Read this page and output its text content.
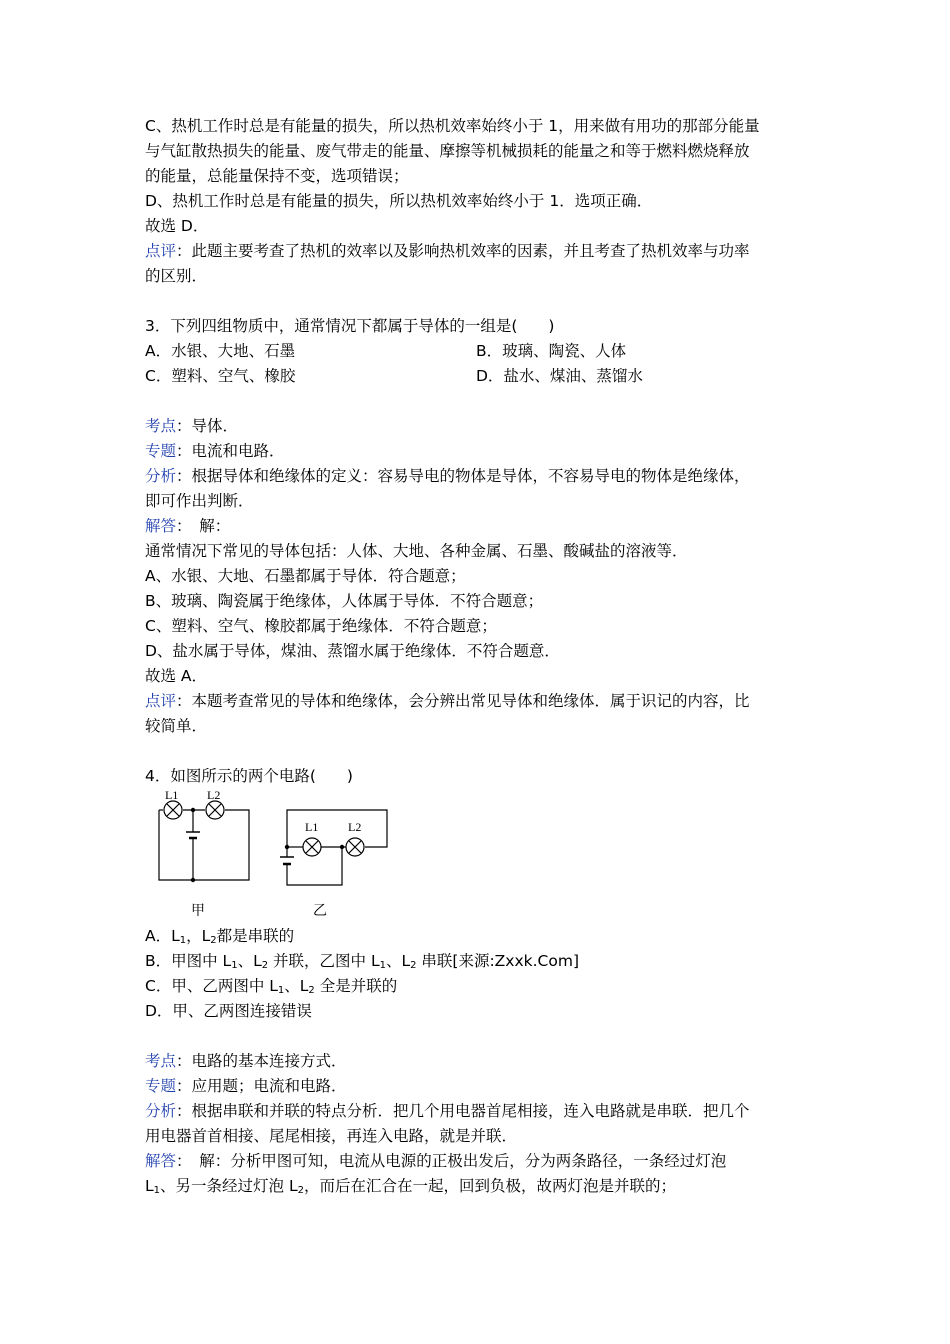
C、热机工作时总是有能量的损失，所以热机效率始终小于 1，用来做有用功的那部分能量
与气缸散热损失的能量、废气带走的能量、摩擦等机械损耗的能量之和等于燃料燃烧释放
的能量，总能量保持不变，选项错误；
D、热机工作时总是有能量的损失，所以热机效率始终小于 1．选项正确．
故选 D．
点评：此题主要考查了热机的效率以及影响热机效率的因素，并且考查了热机效率与功率
的区别．
3．下列四组物质中，通常情况下都属于导体的一组是(　　)
A．水银、大地、石墨	B．玻璃、陶瓷、人体
C．塑料、空气、橡胶	D．盐水、煤油、蒸馏水
考点：导体．
专题：电流和电路．
分析：根据导体和绝缘体的定义：容易导电的物体是导体，不容易导电的物体是绝缘体，
即可作出判断．
解答：　解：
通常情况下常见的导体包括：人体、大地、各种金属、石墨、酸碱盐的溶液等．
A、水银、大地、石墨都属于导体．符合题意；
B、玻璃、陶瓷属于绝缘体，人体属于导体．不符合题意；
C、塑料、空气、橡胶都属于绝缘体．不符合题意；
D、盐水属于导体，煤油、蒸馏水属于绝缘体．不符合题意．
故选 A．
点评：本题考查常见的导体和绝缘体，会分辨出常见导体和绝缘体．属于识记的内容，比
较简单．
4．如图所示的两个电路(　　)
L1 L2
L1 L2
甲	乙
A．$L_1$，$L_2$都是串联的
B．甲图中 $L_1$、$L_2$ 并联，乙图中 $L_1$、$L_2$ 串联[来源:Zxxk.Com]
C．甲、乙两图中 $L_1$、$L_2$ 全是并联的
D．甲、乙两图连接错误
考点：电路的基本连接方式．
专题：应用题；电流和电路．
分析：根据串联和并联的特点分析．把几个用电器首尾相接，连入电路就是串联．把几个
用电器首首相接、尾尾相接，再连入电路，就是并联．
解答：　解：分析甲图可知，电流从电源的正极出发后，分为两条路径，一条经过灯泡
$L_1$、另一条经过灯泡 $L_2$，而后在汇合在一起，回到负极，故两灯泡是并联的；
